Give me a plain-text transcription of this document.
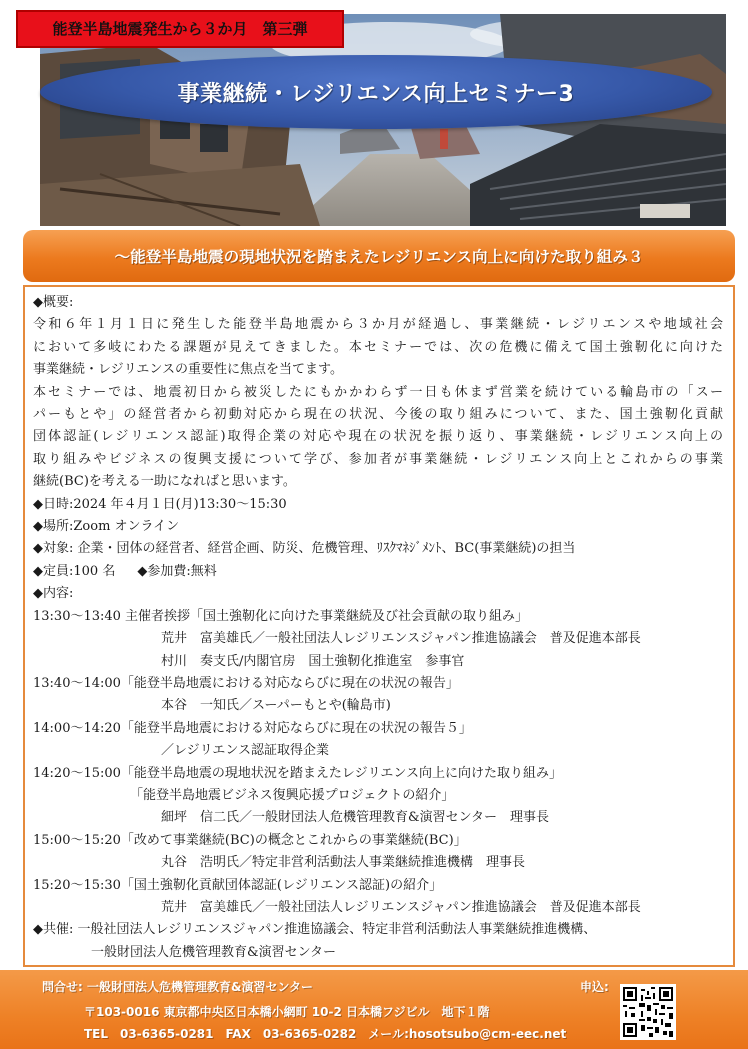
能登半島地震発生から３か月　第三弾
事業継続・レジリエンス向上セミナー3
～能登半島地震の現地状況を踏まえたレジリエンス向上に向けた取り組み３

◆概要:

令和６年１月１日に発生した能登半島地震から３か月が経過し、事業継続・レジリエンスや地域社会

において多岐にわたる課題が見えてきました。本セミナーでは、次の危機に備えて国土強靭化に向けた

事業継続・レジリエンスの重要性に焦点を当てます。

本セミナーでは、地震初日から被災したにもかかわらず一日も休まず営業を続けている輪島市の「スー

パーもとや」の経営者から初動対応から現在の状況、今後の取り組みについて、また、国土強靭化貢献

団体認証(レジリエンス認証)取得企業の対応や現在の状況を振り返り、事業継続・レジリエンス向上の

取り組みやビジネスの復興支援について学び、参加者が事業継続・レジリエンス向上とこれからの事業

継続(BC)を考える一助になればと思います。

◆日時:2024 年４月１日(月)13:30～15:30

◆場所:Zoom オンライン

◆対象: 企業・団体の経営者、経営企画、防災、危機管理、ﾘｽｸﾏﾈｼﾞﾒﾝﾄ、BC(事業継続)の担当

◆定員:100 名 ◆参加費:無料

◆内容:

13:30～13:40 主催者挨拶「国土強靭化に向けた事業継続及び社会貢献の取り組み」

荒井　富美雄氏／一般社団法人レジリエンスジャパン推進協議会　普及促進本部長

村川　奏支氏/内閣官房　国土強靭化推進室　参事官

13:40～14:00「能登半島地震における対応ならびに現在の状況の報告」

本谷　一知氏／スーパーもとや(輪島市)

14:00～14:20「能登半島地震における対応ならびに現在の状況の報告５」

／レジリエンス認証取得企業

14:20～15:00「能登半島地震の現地状況を踏まえたレジリエンス向上に向けた取り組み」

「能登半島地震ビジネス復興応援プロジェクトの紹介」

細坪　信二氏／一般財団法人危機管理教育&演習センター　理事長

15:00～15:20「改めて事業継続(BC)の概念とこれからの事業継続(BC)」

丸谷　浩明氏／特定非営利活動法人事業継続推進機構　理事長

15:20～15:30「国土強靭化貢献団体認証(レジリエンス認証)の紹介」

荒井　富美雄氏／一般社団法人レジリエンスジャパン推進協議会　普及促進本部長

◆共催: 一般社団法人レジリエンスジャパン推進協議会、特定非営利活動法人事業継続推進機構、

一般財団法人危機管理教育&演習センター

問合せ: 一般財団法人危機管理教育&演習センター	申込:
〒103-0016 東京都中央区日本橋小網町 10-2 日本橋フジビル　地下１階
TEL　03-6365-0281　FAX　03-6365-0282　メール:hosotsubo@cm-eec.net
